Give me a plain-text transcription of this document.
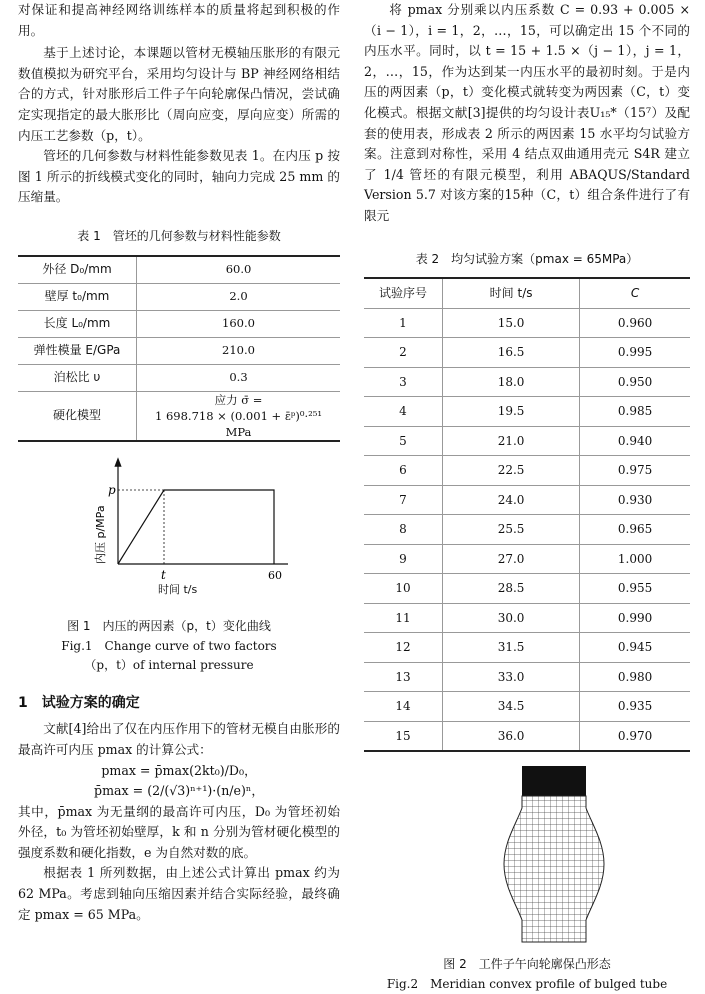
对保证和提高神经网络训练样本的质量将起到积极的作用。

基于上述讨论，本课题以管材无模轴压胀形的有限元数值模拟为研究平台，采用均匀设计与 BP 神经网络相结合的方式，针对胀形后工件子午向轮廓保凸情况，尝试确定实现指定的最大胀形比（周向应变，厚向应变）所需的内压工艺参数（p，t）。

管坯的几何参数与材料性能参数见表 1。在内压 p 按图 1 所示的折线模式变化的同时，轴向力完成 25 mm 的压缩量。

表 1　管坯的几何参数与材料性能参数
外径 D₀/mm	60.0
壁厚 t₀/mm	2.0
长度 L₀/mm	160.0
弹性模量 E/GPa	210.0
泊松比 υ	0.3
硬化模型	应力 σ̄ =
1 698.718 × (0.001 + ε̄ᵖ)⁰·²⁵¹ MPa
p
t	60
内压 p/MPa
时间 t/s
图 1　内压的两因素（p，t）变化曲线
Fig.1　Change curve of two factors
（p，t）of internal pressure
1　试验方案的确定

文献[4]给出了仅在内压作用下的管材无模自由胀形的最高许可内压 pmax 的计算公式：

pmax = p̄max(2kt₀)/D₀，

p̄max = (2/(√3)ⁿ⁺¹)·(n/e)ⁿ，

其中，p̄max 为无量纲的最高许可内压，D₀ 为管坯初始外径，t₀ 为管坯初始壁厚，k 和 n 分别为管材硬化模型的强度系数和硬化指数，e 为自然对数的底。

根据表 1 所列数据，由上述公式计算出 pmax 约为 62 MPa。考虑到轴向压缩因素并结合实际经验，最终确定 pmax = 65 MPa。

将 pmax 分别乘以内压系数 C = 0.93 + 0.005 ×（i − 1），i = 1，2，…，15，可以确定出 15 个不同的内压水平。同时，以 t = 15 + 1.5 ×（j − 1），j = 1，2，…，15，作为达到某一内压水平的最初时刻。于是内压的两因素（p，t）变化模式就转变为两因素（C，t）变化模式。根据文献[3]提供的均匀设计表U₁₅*（15⁷）及配套的使用表，形成表 2 所示的两因素 15 水平均匀试验方案。注意到对称性，采用 4 结点双曲通用壳元 S4R 建立了 1/4 管坯的有限元模型，利用 ABAQUS/Standard Version 5.7 对该方案的15种（C，t）组合条件进行了有限元

表 2　均匀试验方案（pmax = 65MPa）
试验序号	时间 t/s	C
1	15.0	0.960
2	16.5	0.995
3	18.0	0.950
4	19.5	0.985
5	21.0	0.940
6	22.5	0.975
7	24.0	0.930
8	25.5	0.965
9	27.0	1.000
10	28.5	0.955
11	30.0	0.990
12	31.5	0.945
13	33.0	0.980
14	34.5	0.935
15	36.0	0.970
图 2　工件子午向轮廓保凸形态
Fig.2　Meridian convex profile of bulged tube
